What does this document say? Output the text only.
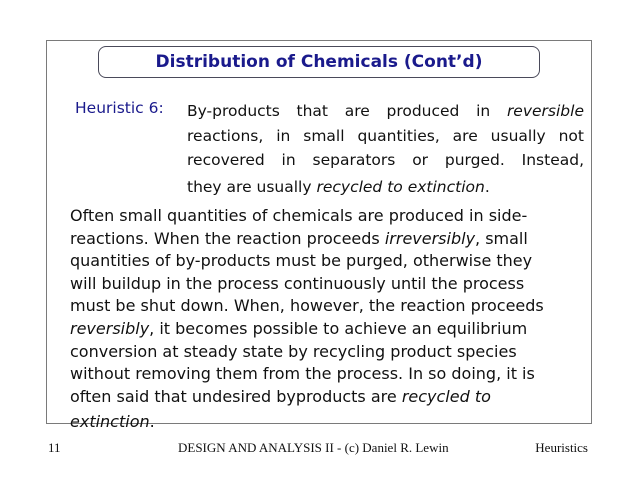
Distribution of Chemicals (Cont’d)
Heuristic 6: By-products that are produced in reversible
reactions, in small quantities, are usually not
recovered in separators or purged. Instead,
they are usually recycled to extinction.
Often small quantities of chemicals are produced in side-
reactions. When the reaction proceeds irreversibly, small
quantities of by-products must be purged, otherwise they
will buildup in the process continuously until the process
must be shut down. When, however, the reaction proceeds
reversibly, it becomes possible to achieve an equilibrium
conversion at steady state by recycling product species
without removing them from the process. In so doing, it is
often said that undesired byproducts are recycled to
extinction.
11	DESIGN AND ANALYSIS II - (c) Daniel R. Lewin	Heuristics
